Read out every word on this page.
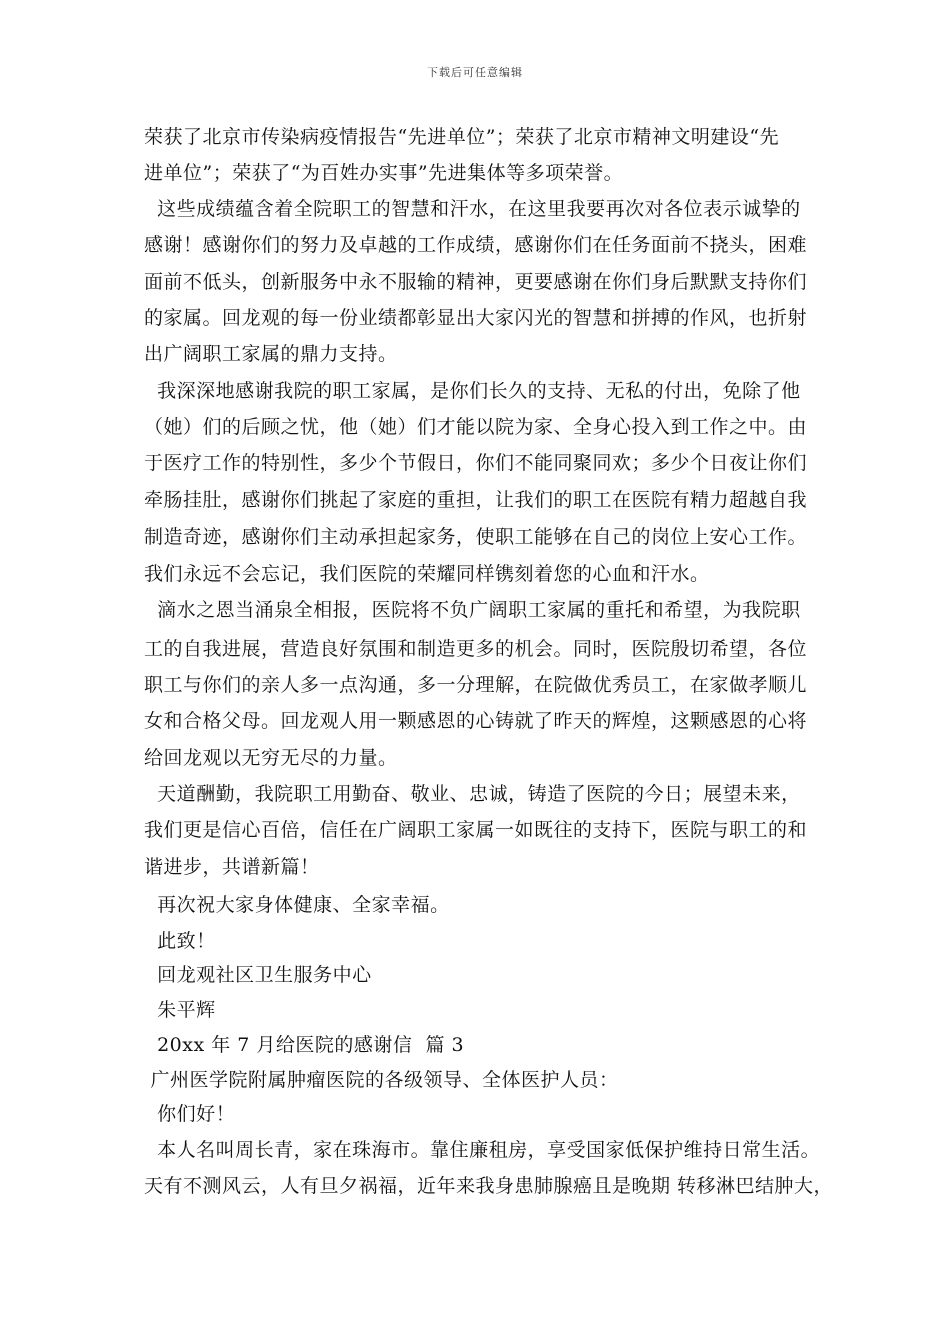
下载后可任意编辑
荣获了北京市传染病疫情报告“先进单位”；荣获了北京市精神文明建设“先
进单位”；荣获了“为百姓办实事”先进集体等多项荣誉。
这些成绩蕴含着全院职工的智慧和汗水，在这里我要再次对各位表示诚挚的
感谢！感谢你们的努力及卓越的工作成绩，感谢你们在任务面前不挠头，困难
面前不低头，创新服务中永不服输的精神，更要感谢在你们身后默默支持你们
的家属。回龙观的每一份业绩都彰显出大家闪光的智慧和拼搏的作风，也折射
出广阔职工家属的鼎力支持。
我深深地感谢我院的职工家属，是你们长久的支持、无私的付出，免除了他
（她）们的后顾之忧，他（她）们才能以院为家、全身心投入到工作之中。由
于医疗工作的特别性，多少个节假日，你们不能同聚同欢；多少个日夜让你们
牵肠挂肚，感谢你们挑起了家庭的重担，让我们的职工在医院有精力超越自我
制造奇迹，感谢你们主动承担起家务，使职工能够在自己的岗位上安心工作。
我们永远不会忘记，我们医院的荣耀同样镌刻着您的心血和汗水。
滴水之恩当涌泉全相报，医院将不负广阔职工家属的重托和希望，为我院职
工的自我进展，营造良好氛围和制造更多的机会。同时，医院殷切希望，各位
职工与你们的亲人多一点沟通，多一分理解，在院做优秀员工，在家做孝顺儿
女和合格父母。回龙观人用一颗感恩的心铸就了昨天的辉煌，这颗感恩的心将
给回龙观以无穷无尽的力量。
天道酬勤，我院职工用勤奋、敬业、忠诚，铸造了医院的今日；展望未来，
我们更是信心百倍，信任在广阔职工家属一如既往的支持下，医院与职工的和
谐进步，共谱新篇！
再次祝大家身体健康、全家幸福。
此致！
回龙观社区卫生服务中心
朱平辉
20xx 年 7 月给医院的感谢信  篇 3
广州医学院附属肿瘤医院的各级领导、全体医护人员：
你们好！
本人名叫周长青，家在珠海市。靠住廉租房，享受国家低保护维持日常生活。
天有不测风云，人有旦夕祸福，近年来我身患肺腺癌且是晚期 转移淋巴结肿大，
